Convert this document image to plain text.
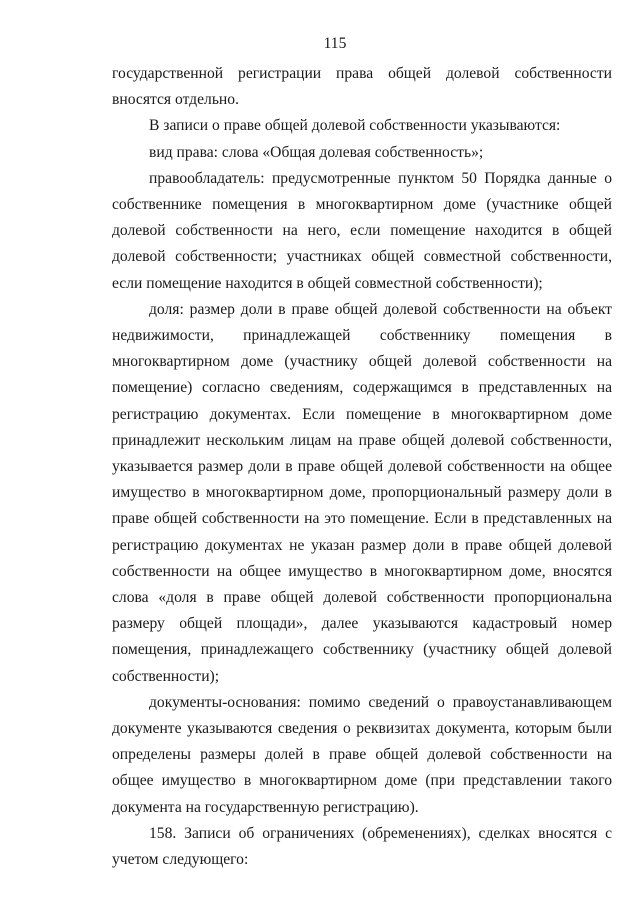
115

государственной регистрации права общей долевой собственности вносятся отдельно.

В записи о праве общей долевой собственности указываются:

вид права: слова «Общая долевая собственность»;

правообладатель: предусмотренные пунктом 50 Порядка данные о собственнике помещения в многоквартирном доме (участнике общей долевой собственности на него, если помещение находится в общей долевой собственности; участниках общей совместной собственности, если помещение находится в общей совместной собственности);

доля: размер доли в праве общей долевой собственности на объект недвижимости, принадлежащей собственнику помещения в многоквартирном доме (участнику общей долевой собственности на помещение) согласно сведениям, содержащимся в представленных на регистрацию документах. Если помещение в многоквартирном доме принадлежит нескольким лицам на праве общей долевой собственности, указывается размер доли в праве общей долевой собственности на общее имущество в многоквартирном доме, пропорциональный размеру доли в праве общей собственности на это помещение. Если в представленных на регистрацию документах не указан размер доли в праве общей долевой собственности на общее имущество в многоквартирном доме, вносятся слова «доля в праве общей долевой собственности пропорциональна размеру общей площади», далее указываются кадастровый номер помещения, принадлежащего собственнику (участнику общей долевой собственности);

документы-основания: помимо сведений о правоустанавливающем документе указываются сведения о реквизитах документа, которым были определены размеры долей в праве общей долевой собственности на общее имущество в многоквартирном доме (при представлении такого документа на государственную регистрацию).

158. Записи об ограничениях (обременениях), сделках вносятся с учетом следующего:
